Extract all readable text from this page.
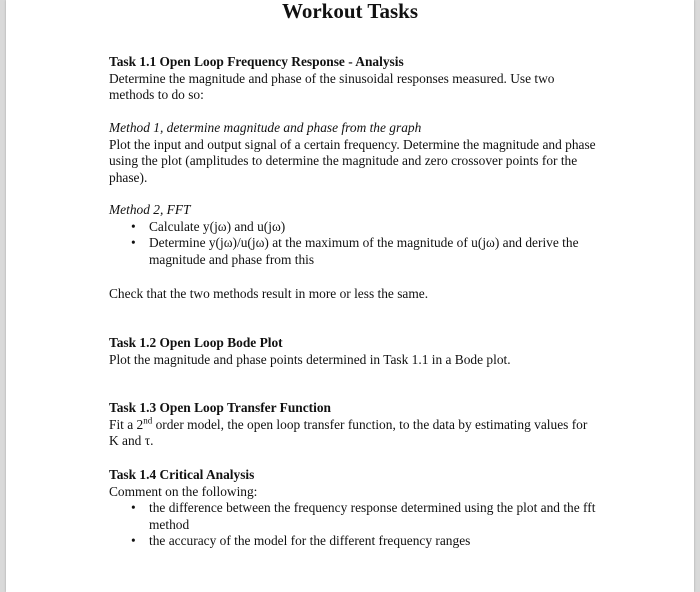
Workout Tasks
Task 1.1 Open Loop Frequency Response - Analysis
Determine the magnitude and phase of the sinusoidal responses measured. Use two methods to do so:
Method 1, determine magnitude and phase from the graph
Plot the input and output signal of a certain frequency. Determine the magnitude and phase using the plot (amplitudes to determine the magnitude and zero crossover points for the phase).
Method 2, FFT
• Calculate y(jω) and u(jω)
• Determine y(jω)/u(jω) at the maximum of the magnitude of u(jω) and derive the magnitude and phase from this
Check that the two methods result in more or less the same.
Task 1.2 Open Loop Bode Plot
Plot the magnitude and phase points determined in Task 1.1 in a Bode plot.
Task 1.3 Open Loop Transfer Function
Fit a 2nd order model, the open loop transfer function, to the data by estimating values for K and τ.
Task 1.4 Critical Analysis
Comment on the following:
• the difference between the frequency response determined using the plot and the fft method
• the accuracy of the model for the different frequency ranges
